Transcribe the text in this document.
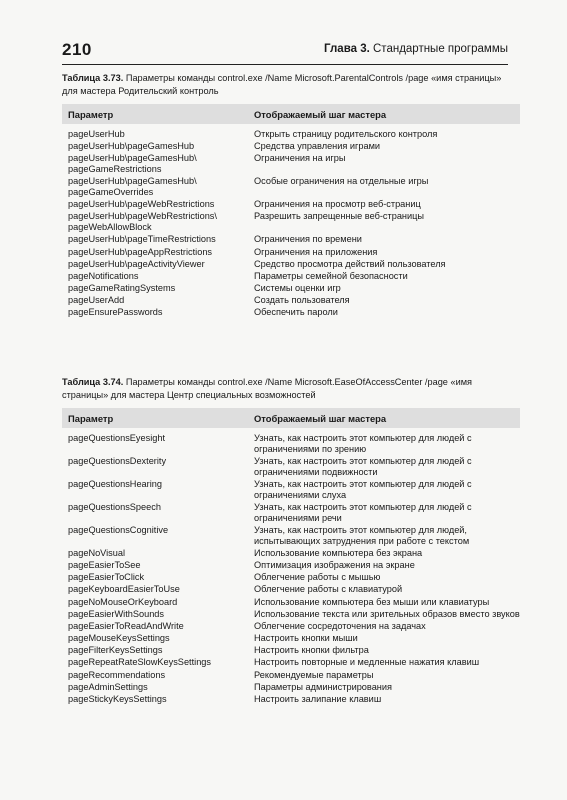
210	Глава 3. Стандартные программы
Таблица 3.73. Параметры команды control.exe /Name Microsoft.ParentalControls /page «имя страницы» для мастера Родительский контроль
Параметр	Отображаемый шаг мастера
pageUserHub	Открыть страницу родительского контроля
pageUserHub\pageGamesHub	Средства управления играми
pageUserHub\pageGamesHub\ pageGameRestrictions	Ограничения на игры
pageUserHub\pageGamesHub\ pageGameOverrides	Особые ограничения на отдельные игры
pageUserHub\pageWebRestrictions	Ограничения на просмотр веб-страниц
pageUserHub\pageWebRestrictions\ pageWebAllowBlock	Разрешить запрещенные веб-страницы
pageUserHub\pageTimeRestrictions	Ограничения по времени
pageUserHub\pageAppRestrictions	Ограничения на приложения
pageUserHub\pageActivityViewer	Средство просмотра действий пользователя
pageNotifications	Параметры семейной безопасности
pageGameRatingSystems	Системы оценки игр
pageUserAdd	Создать пользователя
pageEnsurePasswords	Обеспечить пароли
Таблица 3.74. Параметры команды control.exe /Name Microsoft.EaseOfAccessCenter /page «имя страницы» для мастера Центр специальных возможностей
Параметр	Отображаемый шаг мастера
pageQuestionsEyesight	Узнать, как настроить этот компьютер для людей с ограничениями по зрению
pageQuestionsDexterity	Узнать, как настроить этот компьютер для людей с ограничениями подвижности
pageQuestionsHearing	Узнать, как настроить этот компьютер для людей с ограничениями слуха
pageQuestionsSpeech	Узнать, как настроить этот компьютер для людей с ограничениями речи
pageQuestionsCognitive	Узнать, как настроить этот компьютер для людей, испытывающих затруднения при работе с текстом
pageNoVisual	Использование компьютера без экрана
pageEasierToSee	Оптимизация изображения на экране
pageEasierToClick	Облегчение работы с мышью
pageKeyboardEasierToUse	Облегчение работы с клавиатурой
pageNoMouseOrKeyboard	Использование компьютера без мыши или клавиатуры
pageEasierWithSounds	Использование текста или зрительных образов вместо звуков
pageEasierToReadAndWrite	Облегчение сосредоточения на задачах
pageMouseKeysSettings	Настроить кнопки мыши
pageFilterKeysSettings	Настроить кнопки фильтра
pageRepeatRateSlowKeysSettings	Настроить повторные и медленные нажатия клавиш
pageRecommendations	Рекомендуемые параметры
pageAdminSettings	Параметры администрирования
pageStickyKeysSettings	Настроить залипание клавиш
